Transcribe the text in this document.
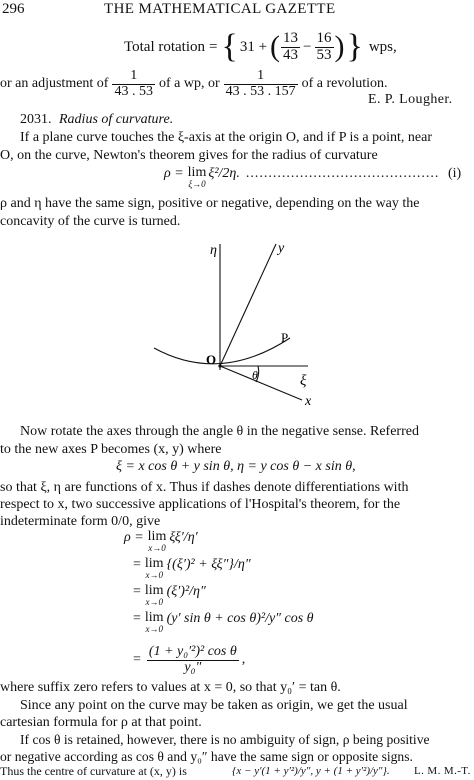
296	THE MATHEMATICAL GAZETTE
Total rotation = { 31 + ( $\frac{13}{43} - \frac{16}{53}$ ) } wps,
or an adjustment of $\frac{1}{43 . 53}$ of a wp, or $\frac{1}{43 . 53 . 157}$ of a revolution.
E. P. Lougher.
2031. Radius of curvature.
If a plane curve touches the ξ-axis at the origin O, and if P is a point, near
O, on the curve, Newton's theorem gives for the radius of curvature
ρ = lim
ξ→0
ξ²/2η. ........................................... (i)
ρ and η have the same sign, positive or negative, depending on the way the
concavity of the curve is turned.
η	y
P
O
θ	ξ
x
Now rotate the axes through the angle θ in the negative sense. Referred
to the new axes P becomes (x, y) where
ξ = x cos θ + y sin θ, η = y cos θ − x sin θ,
so that ξ, η are functions of x. Thus if dashes denote differentiations with
respect to x, two successive applications of l'Hospital's theorem, for the
indeterminate form 0/0, give
ρ = lim
x→0
ξξ′/η′
= lim
x→0
{(ξ′)² + ξξ″}/η″
= lim
x→0
(ξ′)²/η″
= lim
x→0
(y′ sin θ + cos θ)²/y″ cos θ
= $\frac{\text{(1 + y₀′²)² cos θ}}{\text{y₀″}}$ ,
where suffix zero refers to values at x = 0, so that y₀′ = tan θ.
Since any point on the curve may be taken as origin, we get the usual
cartesian formula for ρ at that point.
If cos θ is retained, however, there is no ambiguity of sign, ρ being positive
or negative according as cos θ and y₀″ have the same sign or opposite signs.
Thus the centre of curvature at (x, y) is	{x − y′(1 + y′²)/y″, y + (1 + y′²)/y″}. L. M. M.-T.
